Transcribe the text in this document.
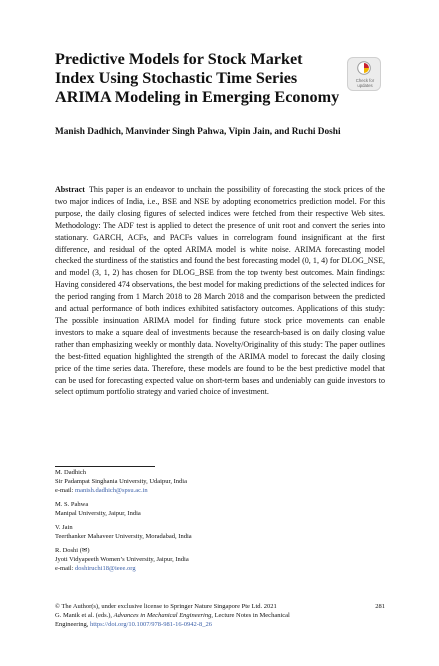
Predictive Models for Stock Market
Index Using Stochastic Time Series
ARIMA Modeling in Emerging Economy
Check for
updates
Manish Dadhich, Manvinder Singh Pahwa, Vipin Jain, and Ruchi Doshi
Abstract This paper is an endeavor to unchain the possibility of forecasting the stock prices of the two major indices of India, i.e., BSE and NSE by adopting econometrics prediction model. For this purpose, the daily closing figures of selected indices were fetched from their respective Web sites. Methodology: The ADF test is applied to detect the presence of unit root and convert the series into stationary. GARCH, ACFs, and PACFs values in correlogram found insignificant at the first difference, and residual of the opted ARIMA model is white noise. ARIMA forecasting model checked the sturdiness of the statistics and found the best forecasting model (0, 1, 4) for DLOG_NSE, and model (3, 1, 2) has chosen for DLOG_BSE from the top twenty best outcomes. Main findings: Having considered 474 observations, the best model for making predictions of the selected indices for the period ranging from 1 March 2018 to 28 March 2018 and the comparison between the predicted and actual performance of both indices exhibited satisfactory outcomes. Applications of this study: The possible insinuation ARIMA model for finding future stock price movements can enable investors to make a square deal of investments because the research-based is on daily closing value rather than emphasizing weekly or monthly data. Novelty/Originality of this study: The paper outlines the best-fitted equation highlighted the strength of the ARIMA model to forecast the daily closing price of the time series data. Therefore, these models are found to be the best predictive model that can be used for forecasting expected value on short-term bases and undeniably can guide investors to select optimum portfolio strategy and varied choice of investment.
M. Dadhich
Sir Padampat Singhania University, Udaipur, India
e-mail: manish.dadhich@spsu.ac.in
M. S. Pahwa
Manipal University, Jaipur, India
V. Jain
Teerthanker Mahaveer University, Moradabad, India
R. Doshi (✉)
Jyoti Vidyapeeth Women’s University, Jaipur, India
e-mail: doshiruchi18@ieee.org
© The Author(s), under exclusive license to Springer Nature Singapore Pte Ltd. 2021	281
G. Manik et al. (eds.), Advances in Mechanical Engineering, Lecture Notes in Mechanical
Engineering, https://doi.org/10.1007/978-981-16-0942-8_26
